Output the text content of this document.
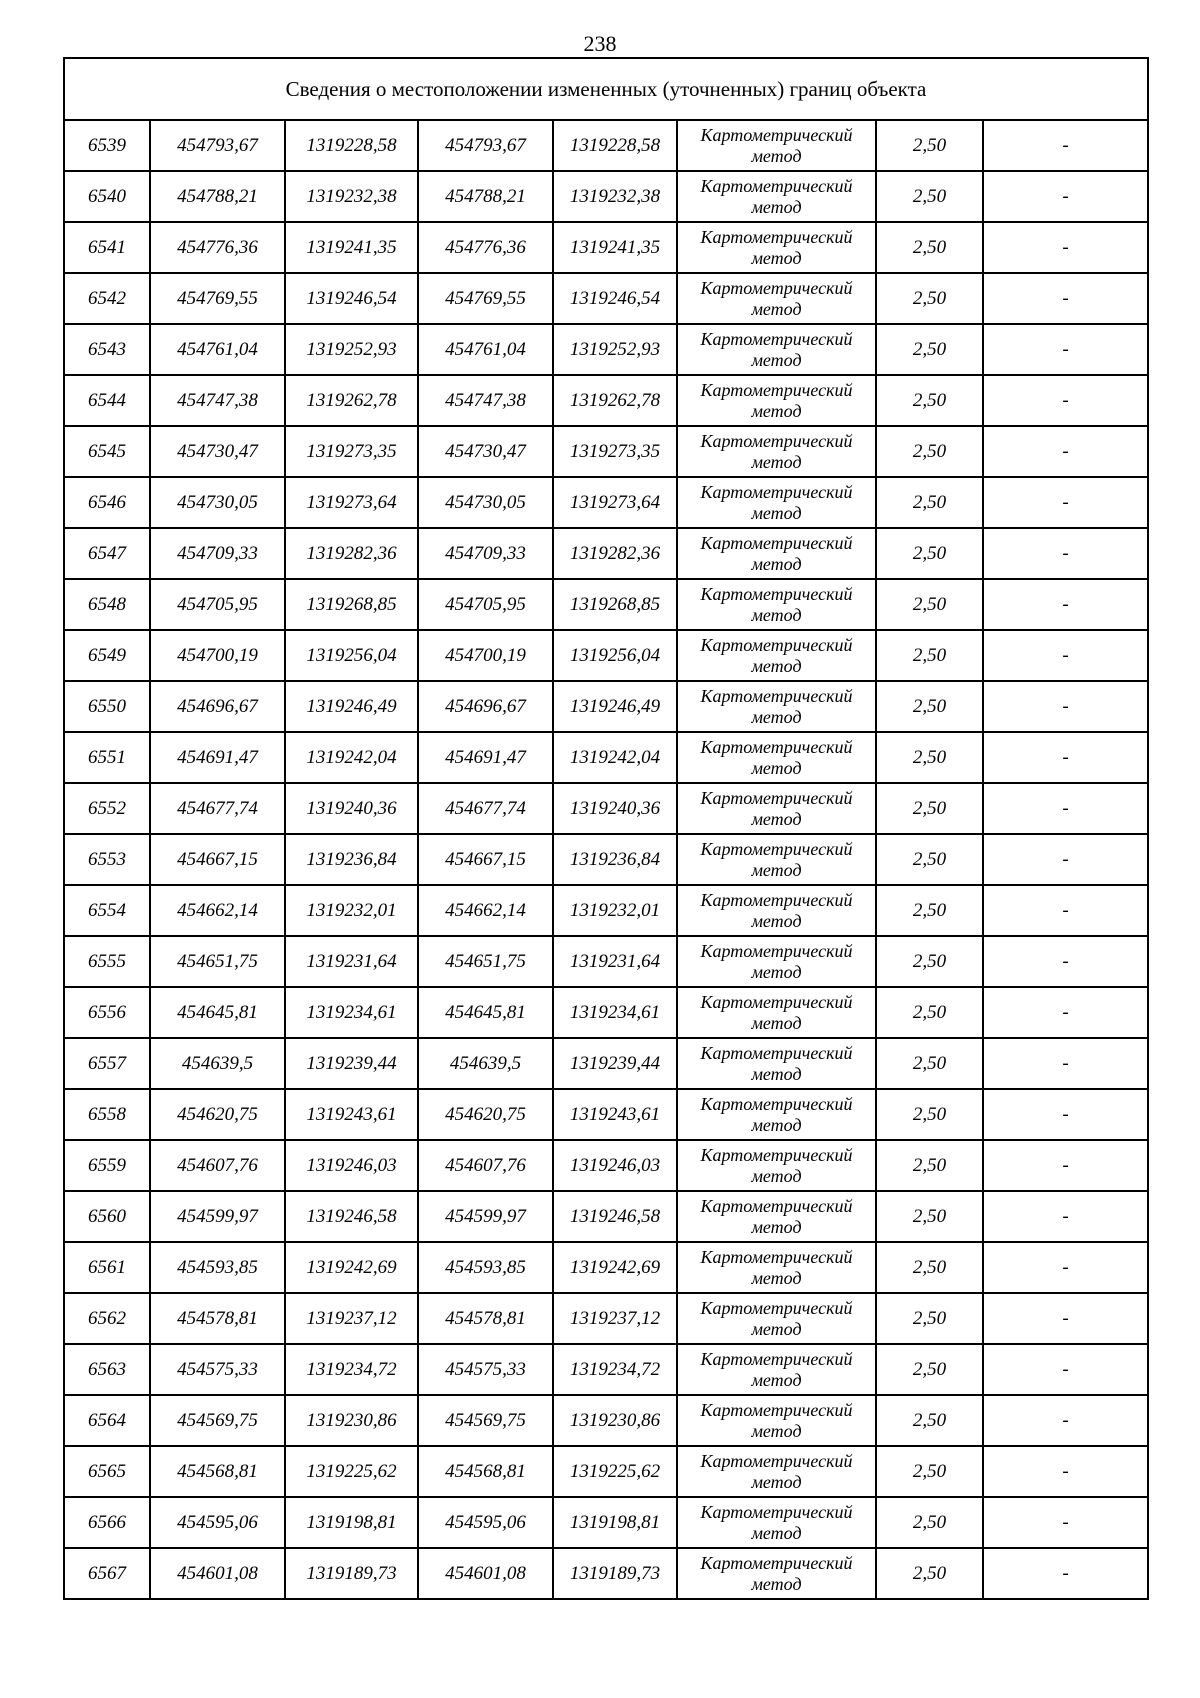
238
Сведения о местоположении измененных (уточненных) границ объекта							
6539	454793,67	1319228,58	454793,67	1319228,58	Картометрический метод	2,50	-
6540	454788,21	1319232,38	454788,21	1319232,38	Картометрический метод	2,50	-
6541	454776,36	1319241,35	454776,36	1319241,35	Картометрический метод	2,50	-
6542	454769,55	1319246,54	454769,55	1319246,54	Картометрический метод	2,50	-
6543	454761,04	1319252,93	454761,04	1319252,93	Картометрический метод	2,50	-
6544	454747,38	1319262,78	454747,38	1319262,78	Картометрический метод	2,50	-
6545	454730,47	1319273,35	454730,47	1319273,35	Картометрический метод	2,50	-
6546	454730,05	1319273,64	454730,05	1319273,64	Картометрический метод	2,50	-
6547	454709,33	1319282,36	454709,33	1319282,36	Картометрический метод	2,50	-
6548	454705,95	1319268,85	454705,95	1319268,85	Картометрический метод	2,50	-
6549	454700,19	1319256,04	454700,19	1319256,04	Картометрический метод	2,50	-
6550	454696,67	1319246,49	454696,67	1319246,49	Картометрический метод	2,50	-
6551	454691,47	1319242,04	454691,47	1319242,04	Картометрический метод	2,50	-
6552	454677,74	1319240,36	454677,74	1319240,36	Картометрический метод	2,50	-
6553	454667,15	1319236,84	454667,15	1319236,84	Картометрический метод	2,50	-
6554	454662,14	1319232,01	454662,14	1319232,01	Картометрический метод	2,50	-
6555	454651,75	1319231,64	454651,75	1319231,64	Картометрический метод	2,50	-
6556	454645,81	1319234,61	454645,81	1319234,61	Картометрический метод	2,50	-
6557	454639,5	1319239,44	454639,5	1319239,44	Картометрический метод	2,50	-
6558	454620,75	1319243,61	454620,75	1319243,61	Картометрический метод	2,50	-
6559	454607,76	1319246,03	454607,76	1319246,03	Картометрический метод	2,50	-
6560	454599,97	1319246,58	454599,97	1319246,58	Картометрический метод	2,50	-
6561	454593,85	1319242,69	454593,85	1319242,69	Картометрический метод	2,50	-
6562	454578,81	1319237,12	454578,81	1319237,12	Картометрический метод	2,50	-
6563	454575,33	1319234,72	454575,33	1319234,72	Картометрический метод	2,50	-
6564	454569,75	1319230,86	454569,75	1319230,86	Картометрический метод	2,50	-
6565	454568,81	1319225,62	454568,81	1319225,62	Картометрический метод	2,50	-
6566	454595,06	1319198,81	454595,06	1319198,81	Картометрический метод	2,50	-
6567	454601,08	1319189,73	454601,08	1319189,73	Картометрический метод	2,50	-
